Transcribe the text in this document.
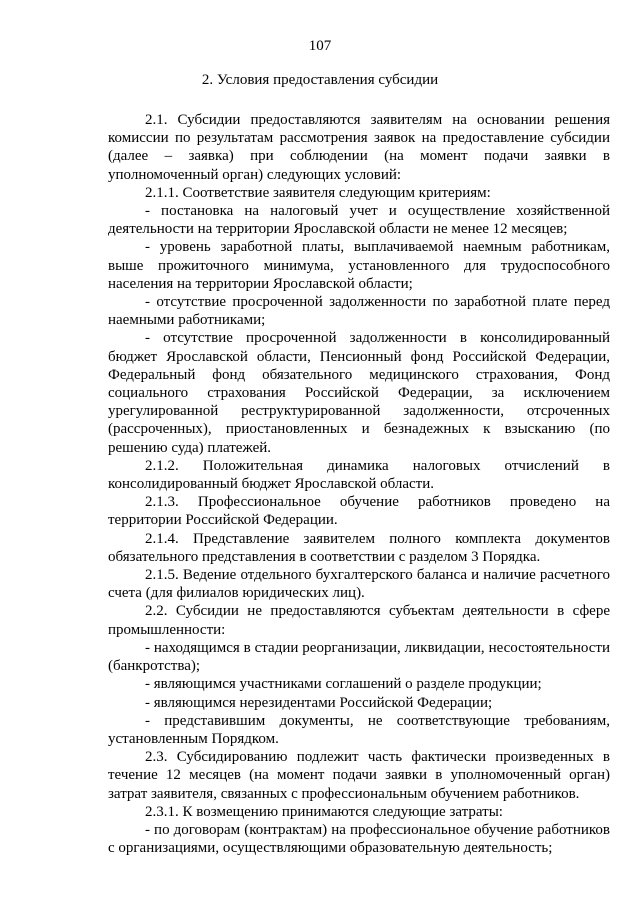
107
2. Условия предоставления субсидии

2.1. Субсидии предоставляются заявителям на основании решения комиссии по результатам рассмотрения заявок на предоставление субсидии (далее – заявка) при соблюдении (на момент подачи заявки в уполномоченный орган) следующих условий:

2.1.1. Соответствие заявителя следующим критериям:

- постановка на налоговый учет и осуществление хозяйственной деятельности на территории Ярославской области не менее 12 месяцев;

- уровень заработной платы, выплачиваемой наемным работникам, выше прожиточного минимума, установленного для трудоспособного населения на территории Ярославской области;

- отсутствие просроченной задолженности по заработной плате перед наемными работниками;

- отсутствие просроченной задолженности в консолидированный бюджет Ярославской области, Пенсионный фонд Российской Федерации, Федеральный фонд обязательного медицинского страхования, Фонд социального страхования Российской Федерации, за исключением урегулированной реструктурированной задолженности, отсроченных (рассроченных), приостановленных и безнадежных к взысканию (по решению суда) платежей.

2.1.2. Положительная динамика налоговых отчислений в консолидированный бюджет Ярославской области.

2.1.3. Профессиональное обучение работников проведено на территории Российской Федерации.

2.1.4. Представление заявителем полного комплекта документов обязательного представления в соответствии с разделом 3 Порядка.

2.1.5. Ведение отдельного бухгалтерского баланса и наличие расчетного счета (для филиалов юридических лиц).

2.2. Субсидии не предоставляются субъектам деятельности в сфере промышленности:

- находящимся в стадии реорганизации, ликвидации, несостоятельности (банкротства);

- являющимся участниками соглашений о разделе продукции;

- являющимся нерезидентами Российской Федерации;

- представившим документы, не соответствующие требованиям, установленным Порядком.

2.3. Субсидированию подлежит часть фактически произведенных в течение 12 месяцев (на момент подачи заявки в уполномоченный орган) затрат заявителя, связанных с профессиональным обучением работников.

2.3.1. К возмещению принимаются следующие затраты:

- по договорам (контрактам) на профессиональное обучение работников с организациями, осуществляющими образовательную деятельность;
